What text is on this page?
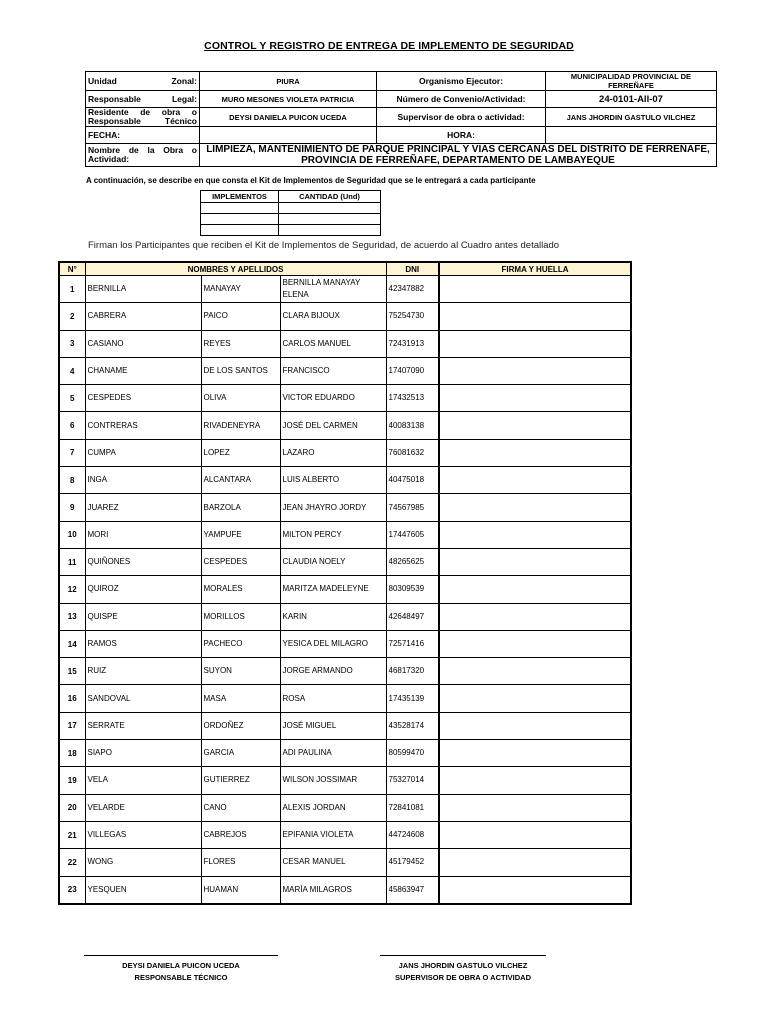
CONTROL Y REGISTRO DE ENTREGA DE IMPLEMENTO DE SEGURIDAD
Unidad Zonal:	PIURA	Organismo Ejecutor:	MUNICIPALIDAD PROVINCIAL DE FERREÑAFE
Responsable Legal:	MURO MESONES VIOLETA PATRICIA	Número de Convenio/Actividad:	24-0101-All-07
Residente de obra o Responsable Técnico	DEYSI DANIELA PUICON UCEDA	Supervisor de obra o actividad:	JANS JHORDIN GASTULO VILCHEZ
FECHA:		HORA:	
Nombre de la Obra o Actividad:	LIMPIEZA, MANTENIMIENTO DE PARQUE PRINCIPAL Y VIAS CERCANAS DEL DISTRITO DE FERREÑAFE, PROVINCIA DE FERREÑAFE, DEPARTAMENTO DE LAMBAYEQUE		
A continuación, se describe en que consta el Kit de Implementos de Seguridad que se le entregará a cada participante
IMPLEMENTOS	CANTIDAD (Und)

Firman los Participantes que reciben el Kit de Implementos de Seguridad, de acuerdo al Cuadro antes detallado
N°	NOMBRES Y APELLIDOS			DNI	FIRMA Y HUELLA
1	BERNILLA	MANAYAY	BERNILLA MANAYAY ELENA	42347882	
2	CABRERA	PAICO	CLARA BIJOUX	75254730	
3	CASIANO	REYES	CARLOS MANUEL	72431913	
4	CHANAME	DE LOS SANTOS	FRANCISCO	17407090	
5	CESPEDES	OLIVA	VICTOR EDUARDO	17432513	
6	CONTRERAS	RIVADENEYRA	JOSÉ DEL CARMEN	40083138	
7	CUMPA	LOPEZ	LAZARO	76081632	
8	INGA	ALCANTARA	LUIS ALBERTO	40475018	
9	JUAREZ	BARZOLA	JEAN JHAYRO JORDY	74567985	
10	MORI	YAMPUFE	MILTON PERCY	17447605	
11	QUIÑONES	CESPEDES	CLAUDIA NOELY	48265625	
12	QUIROZ	MORALES	MARITZA MADELEYNE	80309539	
13	QUISPE	MORILLOS	KARIN	42648497	
14	RAMOS	PACHECO	YESICA DEL MILAGRO	72571416	
15	RUIZ	SUYON	JORGE ARMANDO	46817320	
16	SANDOVAL	MASA	ROSA	17435139	
17	SERRATE	ORDOÑEZ	JOSÉ MIGUEL	43528174	
18	SIAPO	GARCIA	ADI PAULINA	80599470	
19	VELA	GUTIERREZ	WILSON JOSSIMAR	75327014	
20	VELARDE	CANO	ALEXIS JORDAN	72841081	
21	VILLEGAS	CABREJOS	EPIFANIA VIOLETA	44724608	
22	WONG	FLORES	CESAR MANUEL	45179452	
23	YESQUEN	HUAMAN	MARÍA MILAGROS	45863947	
DEYSI DANIELA PUICON UCEDA
RESPONSABLE TÉCNICO
JANS JHORDIN GASTULO VILCHEZ
SUPERVISOR DE OBRA O ACTIVIDAD
